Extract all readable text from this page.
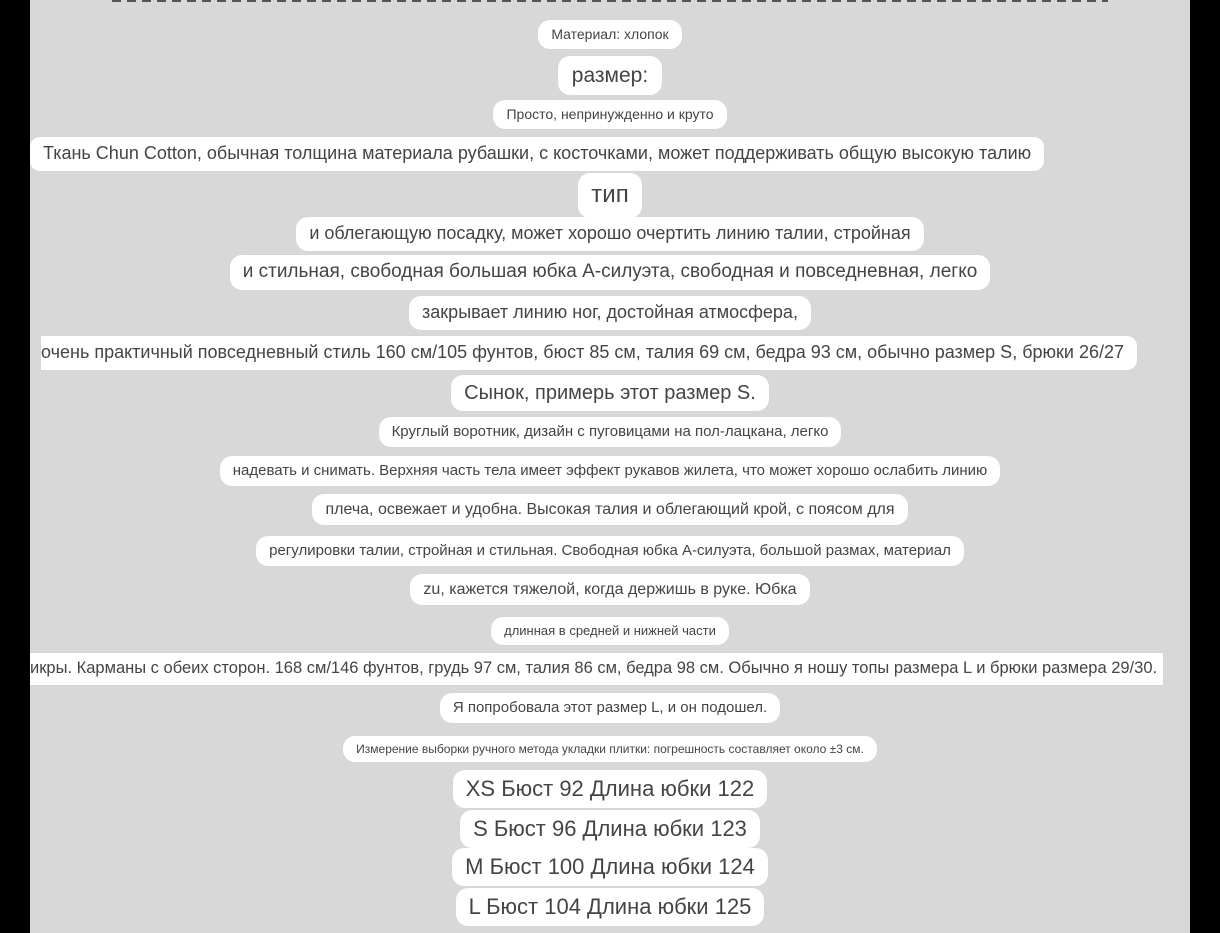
Материал: хлопок
размер:
Просто, непринужденно и круто
Ткань Chun Cotton, обычная толщина материала рубашки, с косточками, может поддерживать общую высокую талию
тип
и облегающую посадку, может хорошо очертить линию талии, стройная
и стильная, свободная большая юбка А-силуэта, свободная и повседневная, легко
закрывает линию ног, достойная атмосфера,
очень практичный повседневный стиль 160 см/105 фунтов, бюст 85 см, талия 69 см, бедра 93 см, обычно размер S, брюки 26/27
Сынок, примерь этот размер S.
Круглый воротник, дизайн с пуговицами на пол-лацкана, легко
надевать и снимать. Верхняя часть тела имеет эффект рукавов жилета, что может хорошо ослабить линию
плеча, освежает и удобна. Высокая талия и облегающий крой, с поясом для
регулировки талии, стройная и стильная. Свободная юбка А-силуэта, большой размах, материал
zu, кажется тяжелой, когда держишь в руке. Юбка
длинная в средней и нижней части
икры. Карманы с обеих сторон. 168 см/146 фунтов, грудь 97 см, талия 86 см, бедра 98 см. Обычно я ношу топы размера L и брюки размера 29/30.
Я попробовала этот размер L, и он подошел.
Измерение выборки ручного метода укладки плитки: погрешность составляет около ±3 см.
XS Бюст 92 Длина юбки 122
S Бюст 96 Длина юбки 123
M Бюст 100 Длина юбки 124
L Бюст 104 Длина юбки 125
